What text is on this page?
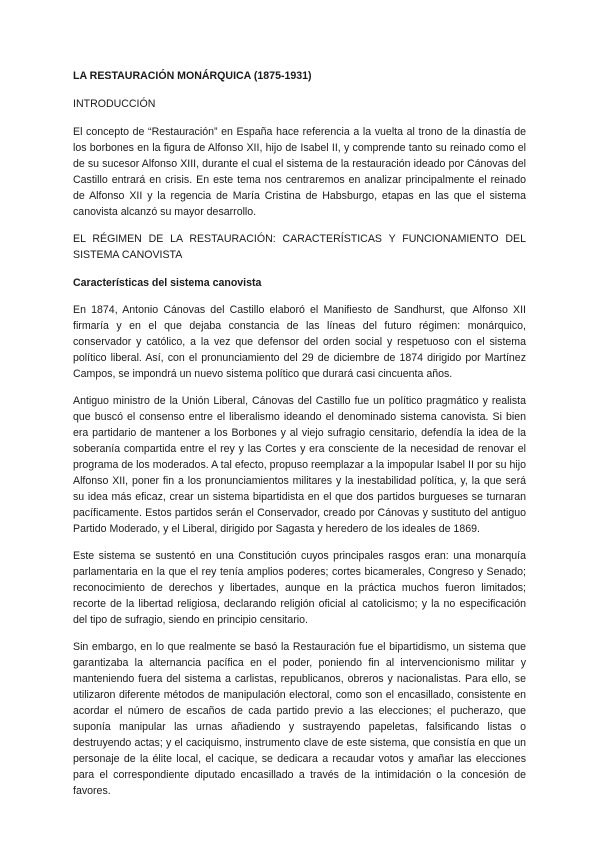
LA RESTAURACIÓN MONÁRQUICA (1875-1931)
INTRODUCCIÓN

El concepto de “Restauración” en España hace referencia a la vuelta al trono de la dinastía de los borbones en la figura de Alfonso XII, hijo de Isabel II, y comprende tanto su reinado como el de su sucesor Alfonso XIII, durante el cual el sistema de la restauración ideado por Cánovas del Castillo entrará en crisis. En este tema nos centraremos en analizar principalmente el reinado de Alfonso XII y la regencia de María Cristina de Habsburgo, etapas en las que el sistema canovista alcanzó su mayor desarrollo.

EL RÉGIMEN DE LA RESTAURACIÓN: CARACTERÍSTICAS Y FUNCIONAMIENTO DEL SISTEMA CANOVISTA
Características del sistema canovista

En 1874, Antonio Cánovas del Castillo elaboró el Manifiesto de Sandhurst, que Alfonso XII firmaría y en el que dejaba constancia de las líneas del futuro régimen: monárquico, conservador y católico, a la vez que defensor del orden social y respetuoso con el sistema político liberal. Así, con el pronunciamiento del 29 de diciembre de 1874 dirigido por Martínez Campos, se impondrá un nuevo sistema político que durará casi cincuenta años.

Antiguo ministro de la Unión Liberal, Cánovas del Castillo fue un político pragmático y realista que buscó el consenso entre el liberalismo ideando el denominado sistema canovista. Si bien era partidario de mantener a los Borbones y al viejo sufragio censitario, defendía la idea de la soberanía compartida entre el rey y las Cortes y era consciente de la necesidad de renovar el programa de los moderados. A tal efecto, propuso reemplazar a la impopular Isabel II por su hijo Alfonso XII, poner fin a los pronunciamientos militares y la inestabilidad política, y, la que será su idea más eficaz, crear un sistema bipartidista en el que dos partidos burgueses se turnaran pacíficamente. Estos partidos serán el Conservador, creado por Cánovas y sustituto del antiguo Partido Moderado, y el Liberal, dirigido por Sagasta y heredero de los ideales de 1869.

Este sistema se sustentó en una Constitución cuyos principales rasgos eran: una monarquía parlamentaria en la que el rey tenía amplios poderes; cortes bicamerales, Congreso y Senado; reconocimiento de derechos y libertades, aunque en la práctica muchos fueron limitados; recorte de la libertad religiosa, declarando religión oficial al catolicismo; y la no especificación del tipo de sufragio, siendo en principio censitario.

Sin embargo, en lo que realmente se basó la Restauración fue el bipartidismo, un sistema que garantizaba la alternancia pacífica en el poder, poniendo fin al intervencionismo militar y manteniendo fuera del sistema a carlistas, republicanos, obreros y nacionalistas. Para ello, se utilizaron diferente métodos de manipulación electoral, como son el encasillado, consistente en acordar el número de escaños de cada partido previo a las elecciones; el pucherazo, que suponía manipular las urnas añadiendo y sustrayendo papeletas, falsificando listas o destruyendo actas; y el caciquismo, instrumento clave de este sistema, que consistía en que un personaje de la élite local, el cacique, se dedicara a recaudar votos y amañar las elecciones para el correspondiente diputado encasillado a través de la intimidación o la concesión de favores.
